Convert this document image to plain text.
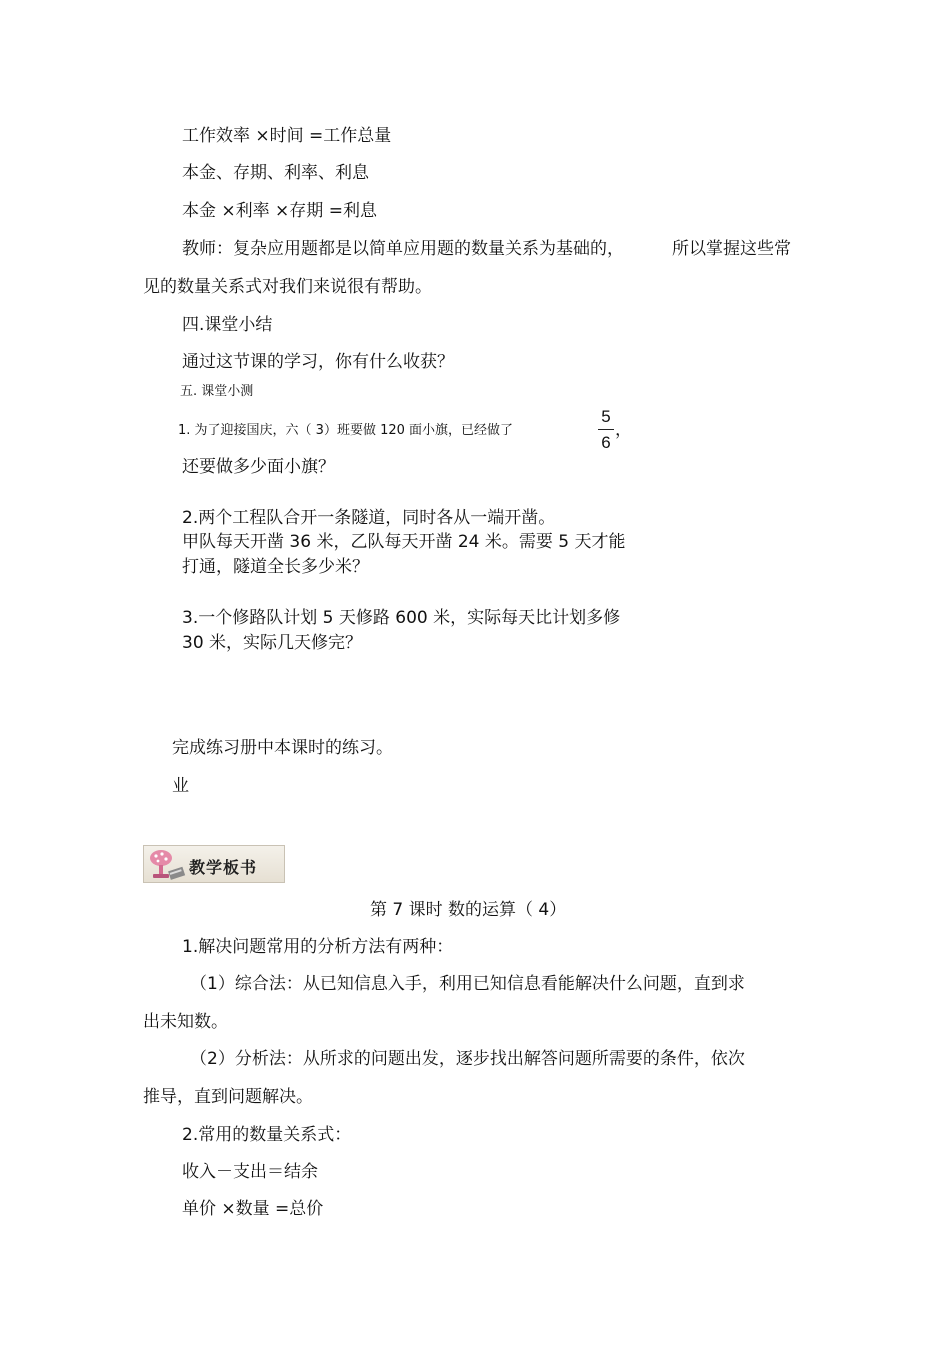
工作效率 ×时间 =工作总量
本金、存期、利率、利息
本金 ×利率 ×存期 =利息
教师：复杂应用题都是以简单应用题的数量关系为基础的，	所以掌握这些常
见的数量关系式对我们来说很有帮助。
四.课堂小结
通过这节课的学习，你有什么收获？
五. 课堂小测
1. 为了迎接国庆，六（ 3）班要做 120 面小旗，已经做了
5
6
，
还要做多少面小旗？
2.两个工程队合开一条隧道，同时各从一端开凿。
甲队每天开凿 36 米，乙队每天开凿 24 米。需要 5 天才能
打通，隧道全长多少米？
3.一个修路队计划 5 天修路 600 米，实际每天比计划多修
30 米，实际几天修完？
完成练习册中本课时的练习。
业
教学板书
第 7 课时 数的运算（ 4）
1.解决问题常用的分析方法有两种：
（1）综合法：从已知信息入手，利用已知信息看能解决什么问题，直到求
出未知数。
（2）分析法：从所求的问题出发，逐步找出解答问题所需要的条件，依次
推导，直到问题解决。
2.常用的数量关系式：
收入－支出＝结余
单价 ×数量 =总价
